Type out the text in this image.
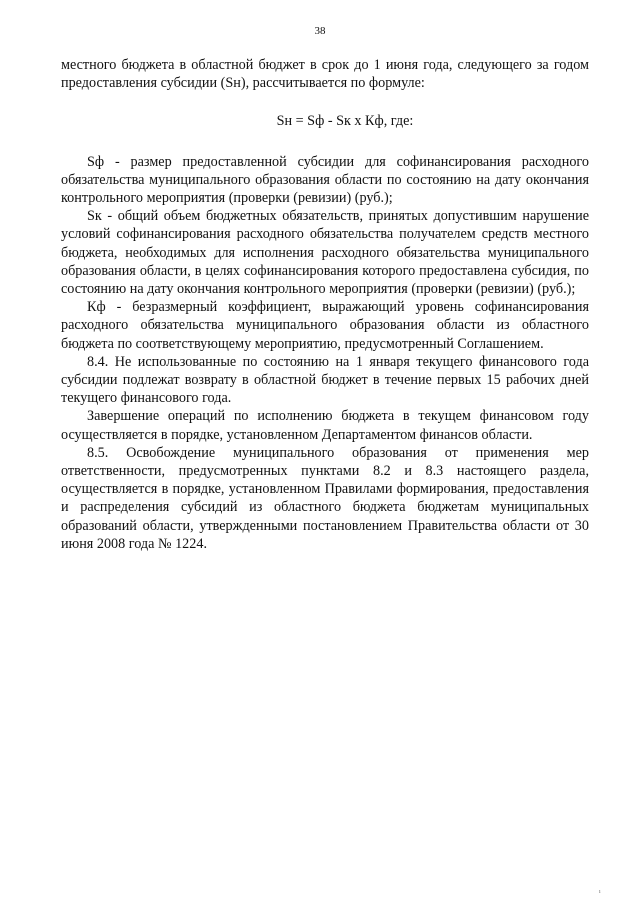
38

местного бюджета в областной бюджет в срок до 1 июня года, следующего за годом предоставления субсидии (Sн), рассчитывается по формуле:

Sн = Sф - Sк х Кф, где:

Sф - размер предоставленной субсидии для софинансирования расходного обязательства муниципального образования области по состоянию на дату окончания контрольного мероприятия (проверки (ревизии) (руб.);

Sк - общий объем бюджетных обязательств, принятых допустившим нарушение условий софинансирования расходного обязательства получателем средств местного бюджета, необходимых для исполнения расходного обязательства муниципального образования области, в целях софинансирования которого предоставлена субсидия, по состоянию на дату окончания контрольного мероприятия (проверки (ревизии) (руб.);

Кф - безразмерный коэффициент, выражающий уровень софинансирования расходного обязательства муниципального образования области из областного бюджета по соответствующему мероприятию, предусмотренный Соглашением.

8.4. Не использованные по состоянию на 1 января текущего финансового года субсидии подлежат возврату в областной бюджет в течение первых 15 рабочих дней текущего финансового года.

Завершение операций по исполнению бюджета в текущем финансовом году осуществляется в порядке, установленном Департаментом финансов области.

8.5. Освобождение муниципального образования от применения мер ответственности, предусмотренных пунктами 8.2 и 8.3 настоящего раздела, осуществляется в порядке, установленном Правилами формирования, предоставления и распределения субсидий из областного бюджета бюджетам муниципальных образований области, утвержденными постановлением Правительства области от 30 июня 2008 года № 1224.

ı
